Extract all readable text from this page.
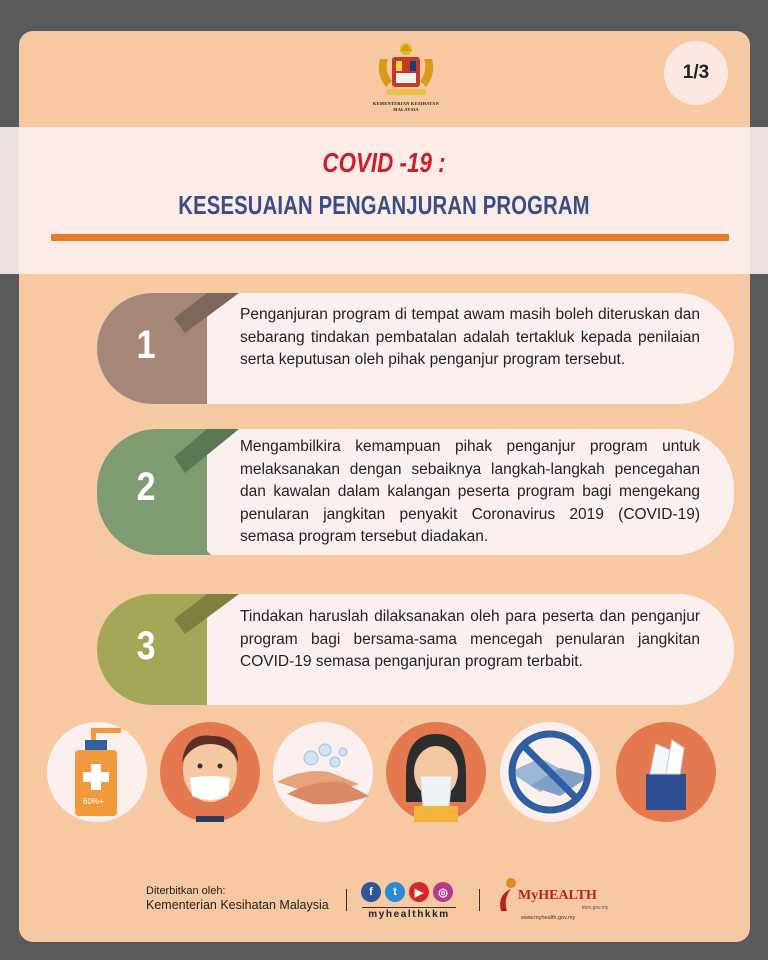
KEMENTERIAN KESIHATAN
MALAYSIA
1/3
1
Penganjuran program di tempat awam masih boleh diteruskan dan sebarang tindakan pembatalan adalah tertakluk kepada penilaian serta keputusan oleh pihak penganjur program tersebut.
2
Mengambilkira kemampuan pihak penganjur program untuk melaksanakan dengan sebaiknya langkah-langkah pencegahan dan kawalan dalam kalangan peserta program bagi mengekang penularan jangkitan penyakit Coronavirus 2019 (COVID-19) semasa program tersebut diadakan.
3
Tindakan haruslah dilaksanakan oleh para peserta dan penganjur program bagi bersama-sama mencegah penularan jangkitan COVID-19 semasa penganjuran program terbabit.
Diterbitkan oleh:
Kementerian Kesihatan Malaysia
f	t	▶	◎
myhealthkkm
MyHEALTH
kkm.gov.my
www.myhealth.gov.my
COVID -19 :
KESESUAIAN PENGANJURAN PROGRAM
60%+
